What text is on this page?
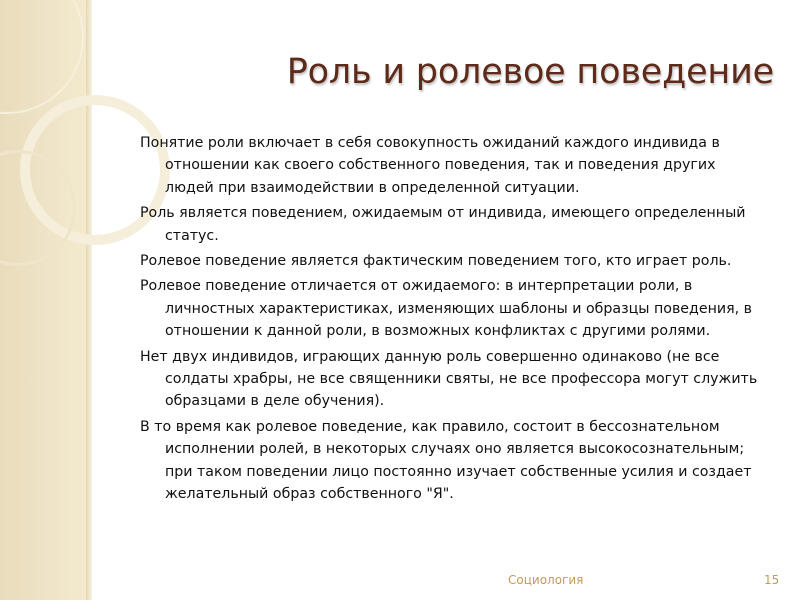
Роль и ролевое поведение

Понятие роли включает в себя совокупность ожиданий каждого индивида в отношении как своего собственного поведения, так и поведения других людей при взаимодействии в определенной ситуации.

Роль является поведением, ожидаемым от индивида, имеющего определенный статус.

Ролевое поведение является фактическим поведением того, кто играет роль.

Ролевое поведение отличается от ожидаемого: в интерпретации роли, в личностных характеристиках, изменяющих шаблоны и образцы поведения, в отношении к данной роли, в возможных конфликтах с другими ролями.

Нет двух индивидов, играющих данную роль совершенно одинаково (не все солдаты храбры, не все священники святы, не все профессора могут служить образцами в деле обучения).

В то время как ролевое поведение, как правило, состоит в бессознательном исполнении ролей, в некоторых случаях оно является высокосознательным; при таком поведении лицо постоянно изучает собственные усилия и создает желательный образ собственного "Я".

Социология	15
